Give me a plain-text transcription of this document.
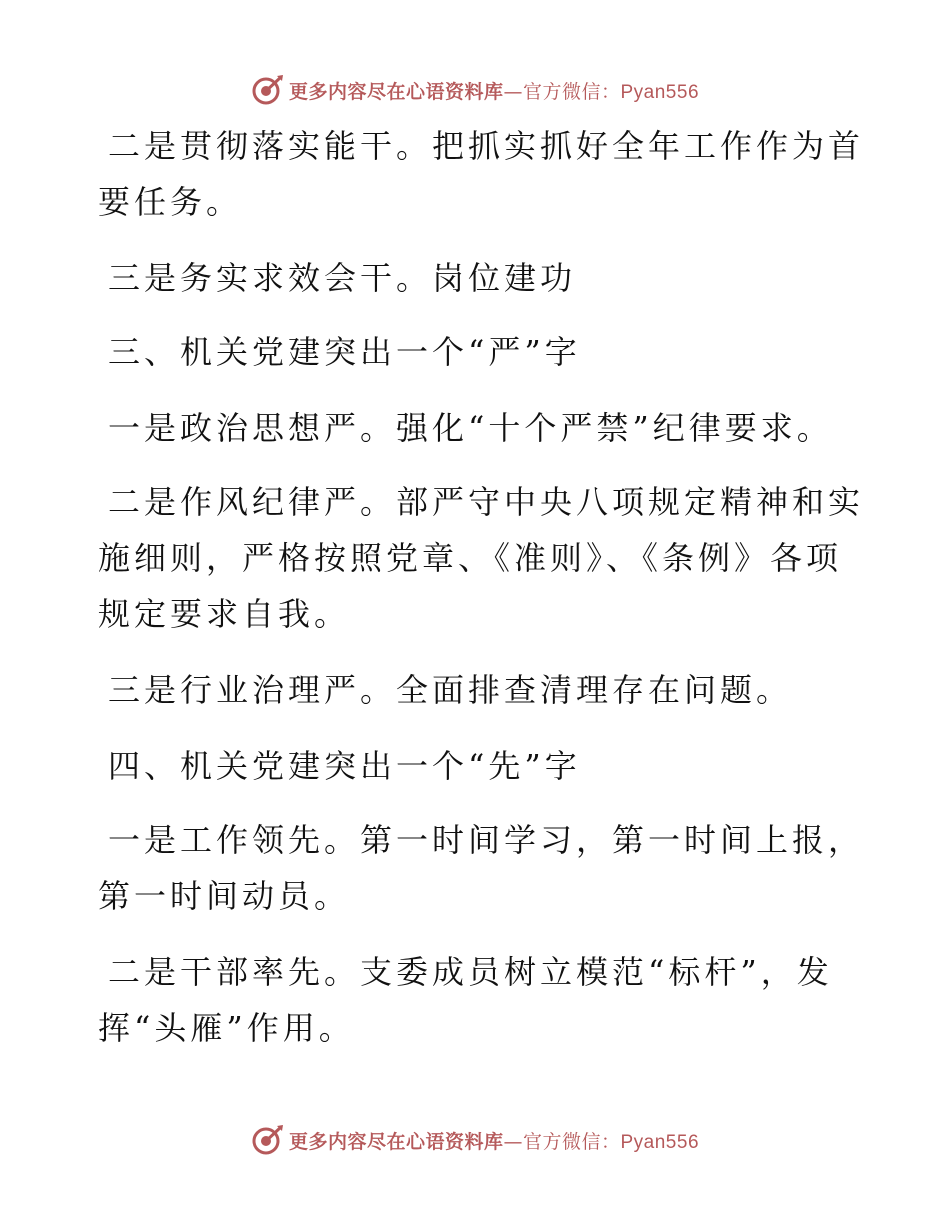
更多内容尽在心语资料库—官方微信：Pyan556
二是贯彻落实能干。把抓实抓好全年工作作为首
要任务。
三是务实求效会干。岗位建功
三、机关党建突出一个“严”字
一是政治思想严。强化“十个严禁”纪律要求。
二是作风纪律严。部严守中央八项规定精神和实
施细则，严格按照党章、《准则》、《条例》各项
规定要求自我。
三是行业治理严。全面排查清理存在问题。
四、机关党建突出一个“先”字
一是工作领先。第一时间学习，第一时间上报，
第一时间动员。
二是干部率先。支委成员树立模范“标杆”，发
挥“头雁”作用。
更多内容尽在心语资料库—官方微信：Pyan556
